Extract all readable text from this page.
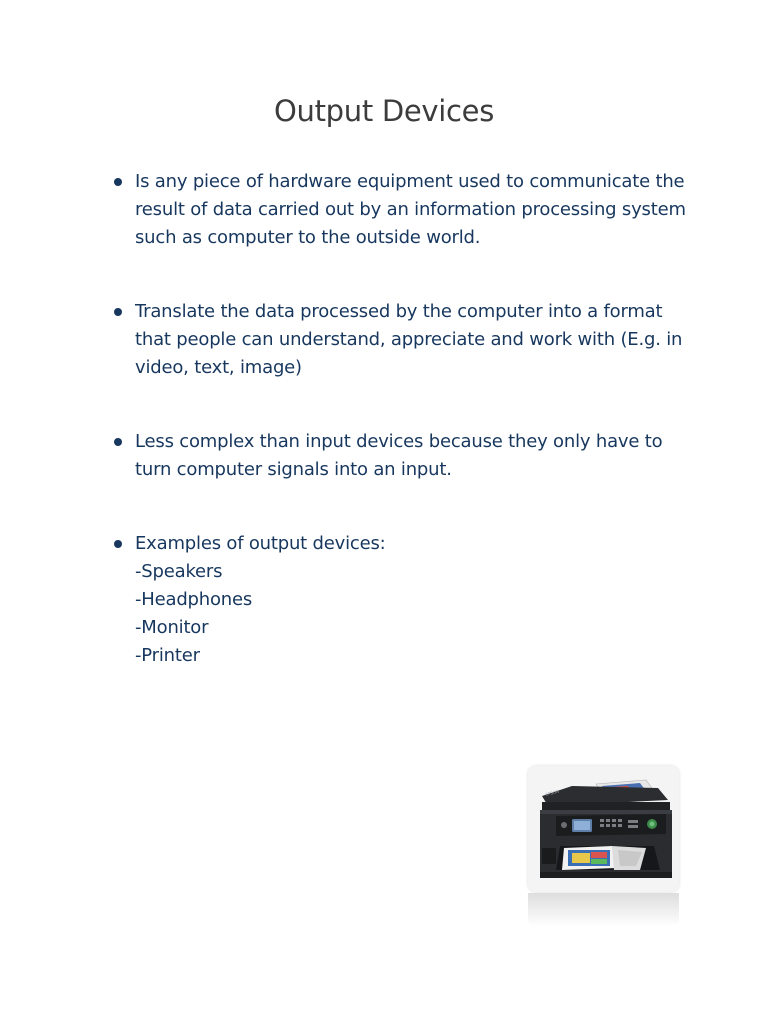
Output Devices
Is any piece of hardware equipment used to communicate the result of data carried out by an information processing system such as computer to the outside world.
Translate the data processed by the computer into a format that people can understand, appreciate and work with (E.g. in video, text, image)
Less complex than input devices because they only have to turn computer signals into an input.
Examples of output devices:
-Speakers
-Headphones
-Monitor
-Printer
EPSON
